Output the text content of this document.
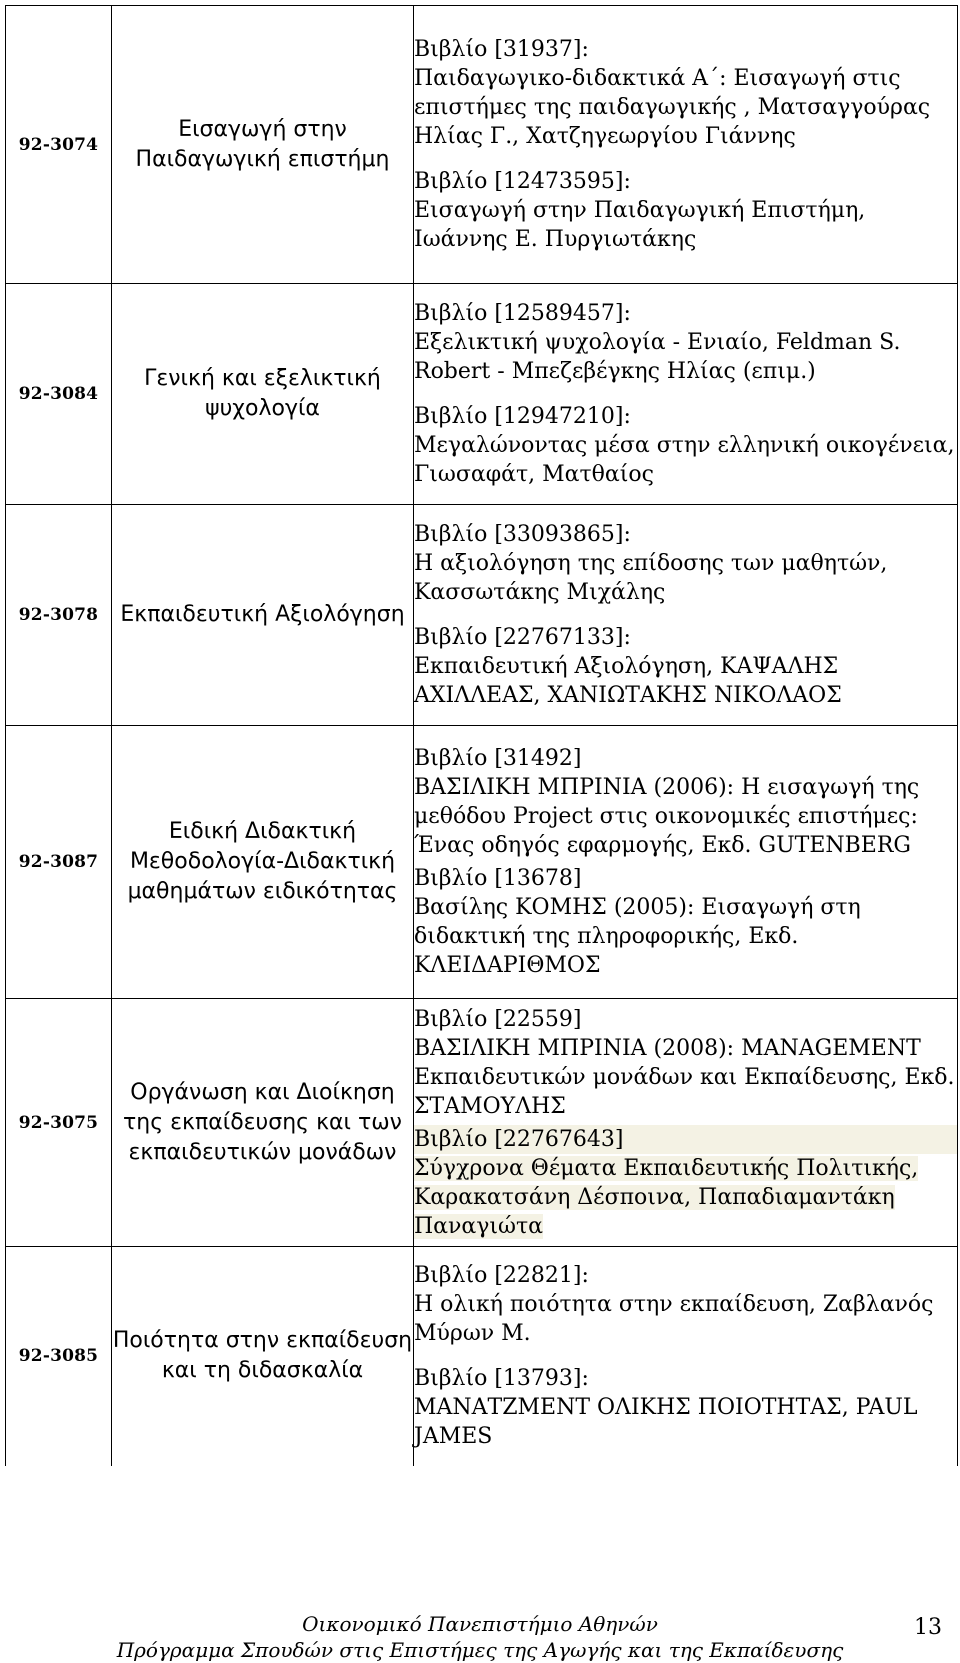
92-3074	Εισαγωγή στην Παιδαγωγική επιστήμη	Βιβλίο [31937]:
Παιδαγωγικο-διδακτικά Α΄: Εισαγωγή στις επιστήμες της παιδαγωγικής , Ματσαγγούρας Ηλίας Γ., Χατζηγεωργίου Γιάννης
Βιβλίο [12473595]:
Εισαγωγή στην Παιδαγωγική Επιστήμη, Ιωάννης Ε. Πυργιωτάκης

92-3084	Γενική και εξελικτική ψυχολογία	Βιβλίο [12589457]:
Εξελικτική ψυχολογία - Ενιαίο, Feldman S. Robert - Μπεζεβέγκης Ηλίας (επιμ.)
Βιβλίο [12947210]:
Μεγαλώνοντας μέσα στην ελληνική οικογένεια, Γιωσαφάτ, Ματθαίος

92-3078	Εκπαιδευτική Αξιολόγηση	Βιβλίο [33093865]:
Η αξιολόγηση της επίδοσης των μαθητών, Κασσωτάκης Μιχάλης
Βιβλίο [22767133]:
Εκπαιδευτική Αξιολόγηση, ΚΑΨΑΛΗΣ ΑΧΙΛΛΕΑΣ, ΧΑΝΙΩΤΑΚΗΣ ΝΙΚΟΛΑΟΣ

92-3087	Ειδική Διδακτική Μεθοδολογία-Διδακτική μαθημάτων ειδικότητας	Βιβλίο [31492]
ΒΑΣΙΛΙΚΗ ΜΠΡΙΝΙΑ (2006): Η εισαγωγή της μεθόδου Project στις οικονομικές επιστήμες: Ένας οδηγός εφαρμογής, Εκδ. GUTENBERG
Βιβλίο [13678]
Βασίλης ΚΟΜΗΣ (2005): Εισαγωγή στη διδακτική της πληροφορικής, Εκδ. ΚΛΕΙΔΑΡΙΘΜΟΣ

92-3075	Οργάνωση και Διοίκηση της εκπαίδευσης και των εκπαιδευτικών μονάδων	Βιβλίο [22559]
ΒΑΣΙΛΙΚΗ ΜΠΡΙΝΙΑ (2008): MANAGEMENT Εκπαιδευτικών μονάδων και Εκπαίδευσης, Εκδ. ΣΤΑΜΟΥΛΗΣ
Βιβλίο [22767643]
Σύγχρονα Θέματα Εκπαιδευτικής Πολιτικής, Καρακατσάνη Δέσποινα, Παπαδιαμαντάκη Παναγιώτα

92-3085	Ποιότητα στην εκπαίδευση και τη διδασκαλία	Βιβλίο [22821]:
Η ολική ποιότητα στην εκπαίδευση, Ζαβλανός Μύρων Μ.
Βιβλίο [13793]:
ΜΑΝΑΤΖΜΕΝΤ ΟΛΙΚΗΣ ΠΟΙΟΤΗΤΑΣ, PAUL JAMES
Οικονομικό Πανεπιστήμιο Αθηνών
Πρόγραμμα Σπουδών στις Επιστήμες της Αγωγής και της Εκπαίδευσης
13
